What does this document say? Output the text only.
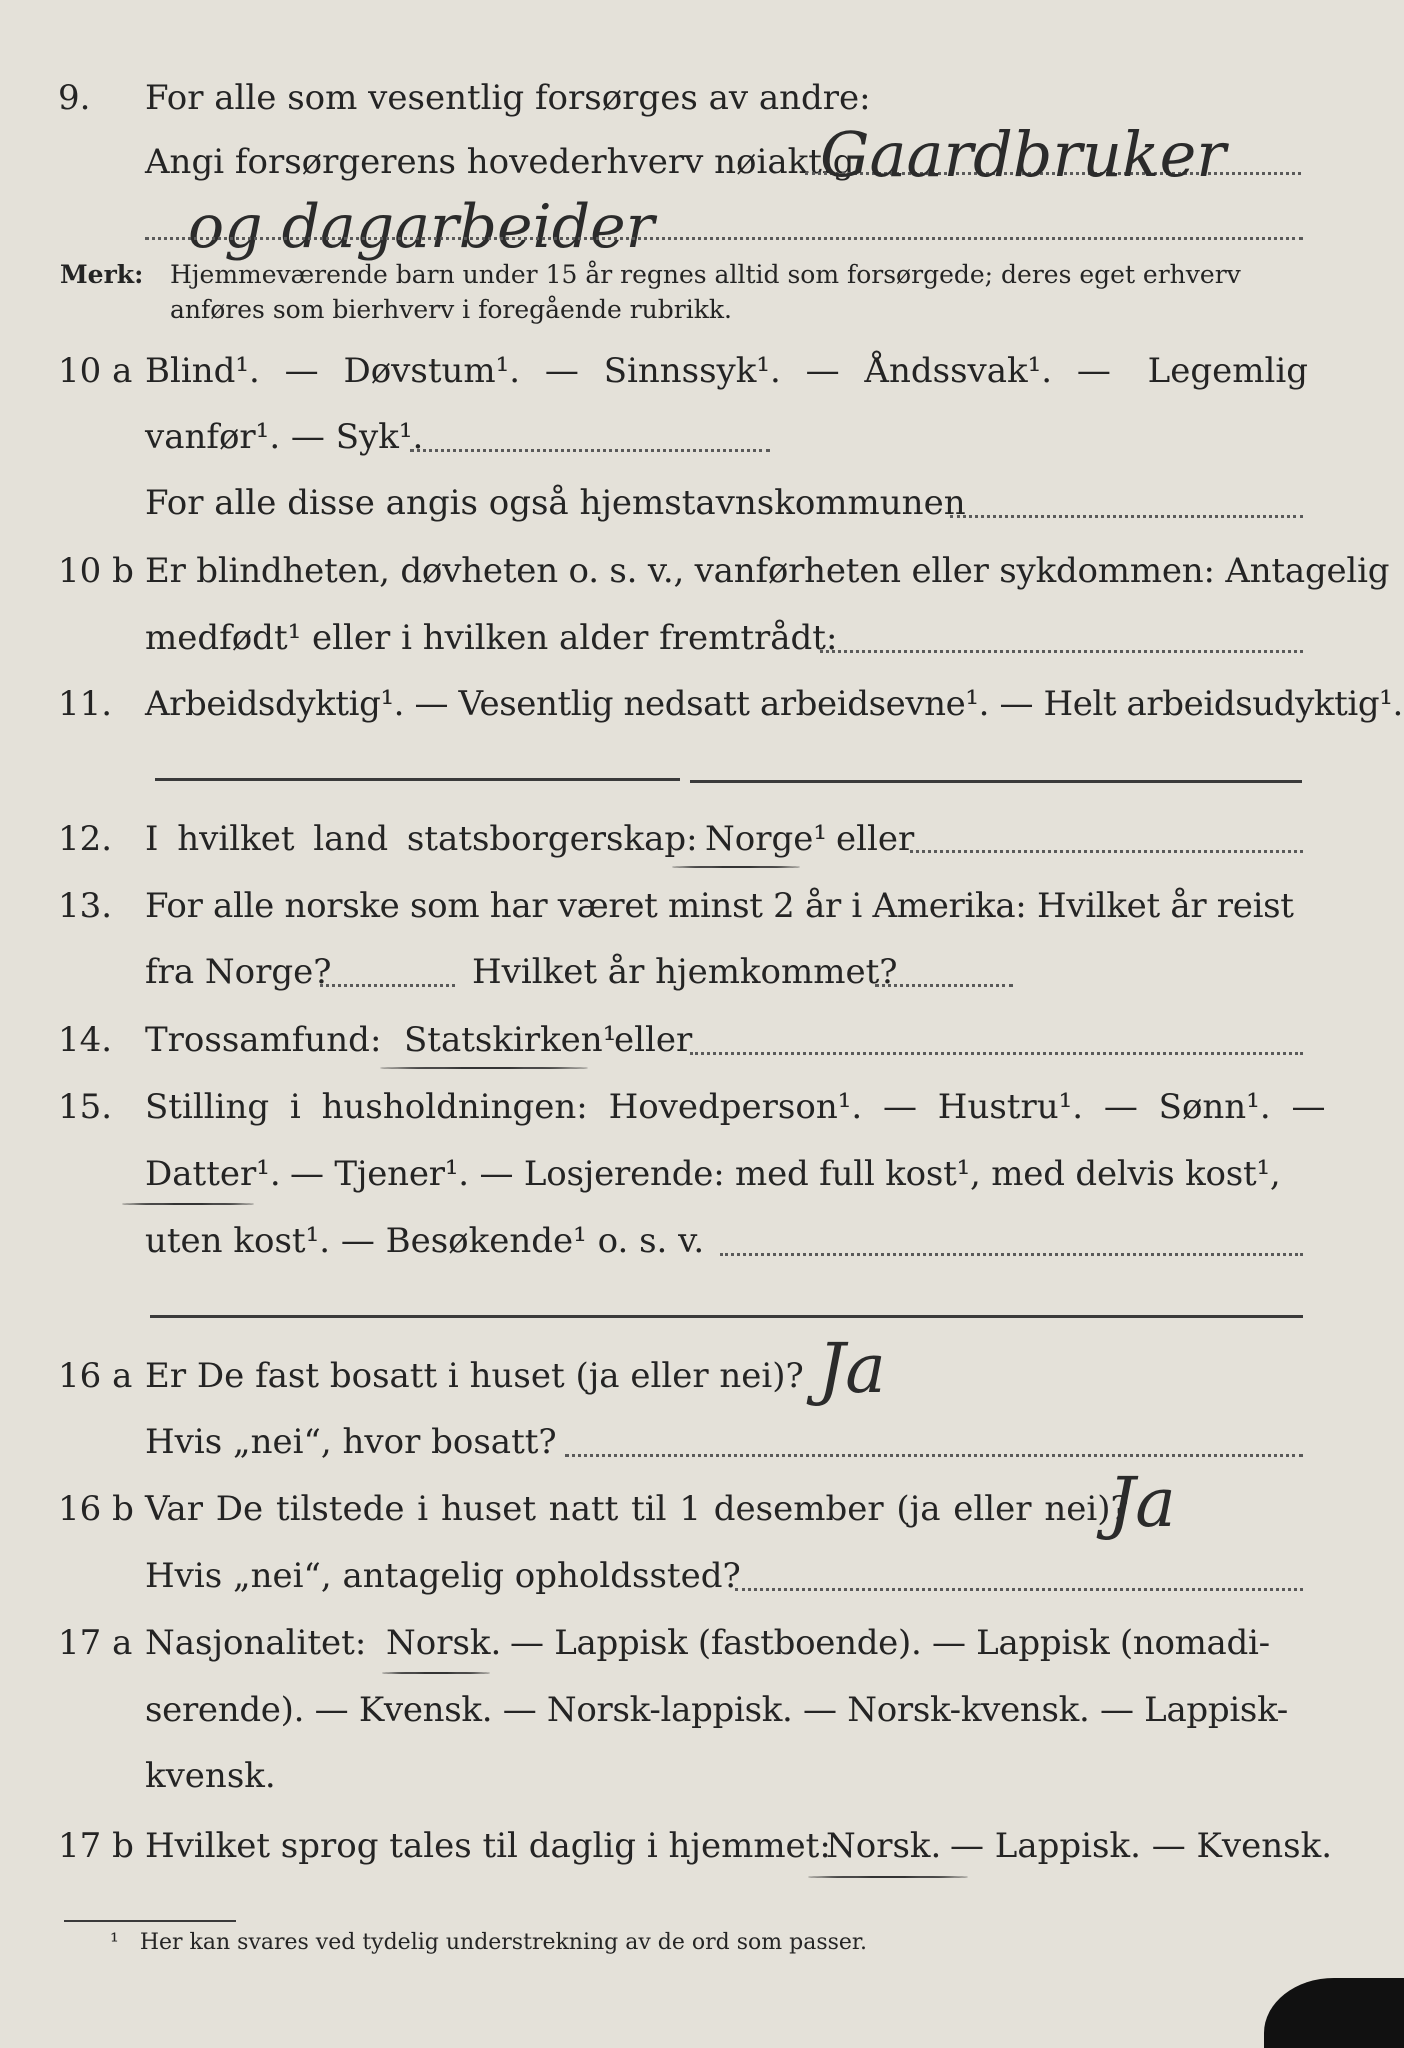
9. For alle som vesentlig forsørges av andre:
Angi forsørgerens hovederhverv nøiaktig
Gaardbruker
og dagarbeider
Merk: Hjemmeværende barn under 15 år regnes alltid som forsørgede; deres eget erhverv
anføres som bierhverv i foregående rubrikk.
10 a Blind¹. — Døvstum¹. — Sinnssyk¹. — Åndssvak¹. — Legemlig
vanfør¹. — Syk¹.
For alle disse angis også hjemstavnskommunen
10 b Er blindheten, døvheten o. s. v., vanførheten eller sykdommen: Antagelig
medfødt¹ eller i hvilken alder fremtrådt:
11. Arbeidsdyktig¹. — Vesentlig nedsatt arbeidsevne¹. — Helt arbeidsudyktig¹.
12. I hvilket land statsborgerskap: Norge¹ eller
13. For alle norske som har været minst 2 år i Amerika: Hvilket år reist
fra Norge?	Hvilket år hjemkommet?
14. Trossamfund: Statskirken¹
eller
15. Stilling i husholdningen: Hovedperson¹. — Hustru¹. — Sønn¹. —
Datter¹. — Tjener¹. — Losjerende: med full kost¹, med delvis kost¹,
uten kost¹. — Besøkende¹ o. s. v.
16 a Er De fast bosatt i huset (ja eller nei)? Ja
Hvis „nei“, hvor bosatt?
16 b Var De tilstede i huset natt til 1 desember (ja eller nei)?
Ja
Hvis „nei“, antagelig opholdssted?
17 a Nasjonalitet: Norsk. — Lappisk (fastboende). — Lappisk (nomadi-
serende). — Kvensk. — Norsk-lappisk. — Norsk-kvensk. — Lappisk-
kvensk.
17 b Hvilket sprog tales til daglig i hjemmet:
Norsk. — Lappisk. — Kvensk.
¹ Her kan svares ved tydelig understrekning av de ord som passer.
